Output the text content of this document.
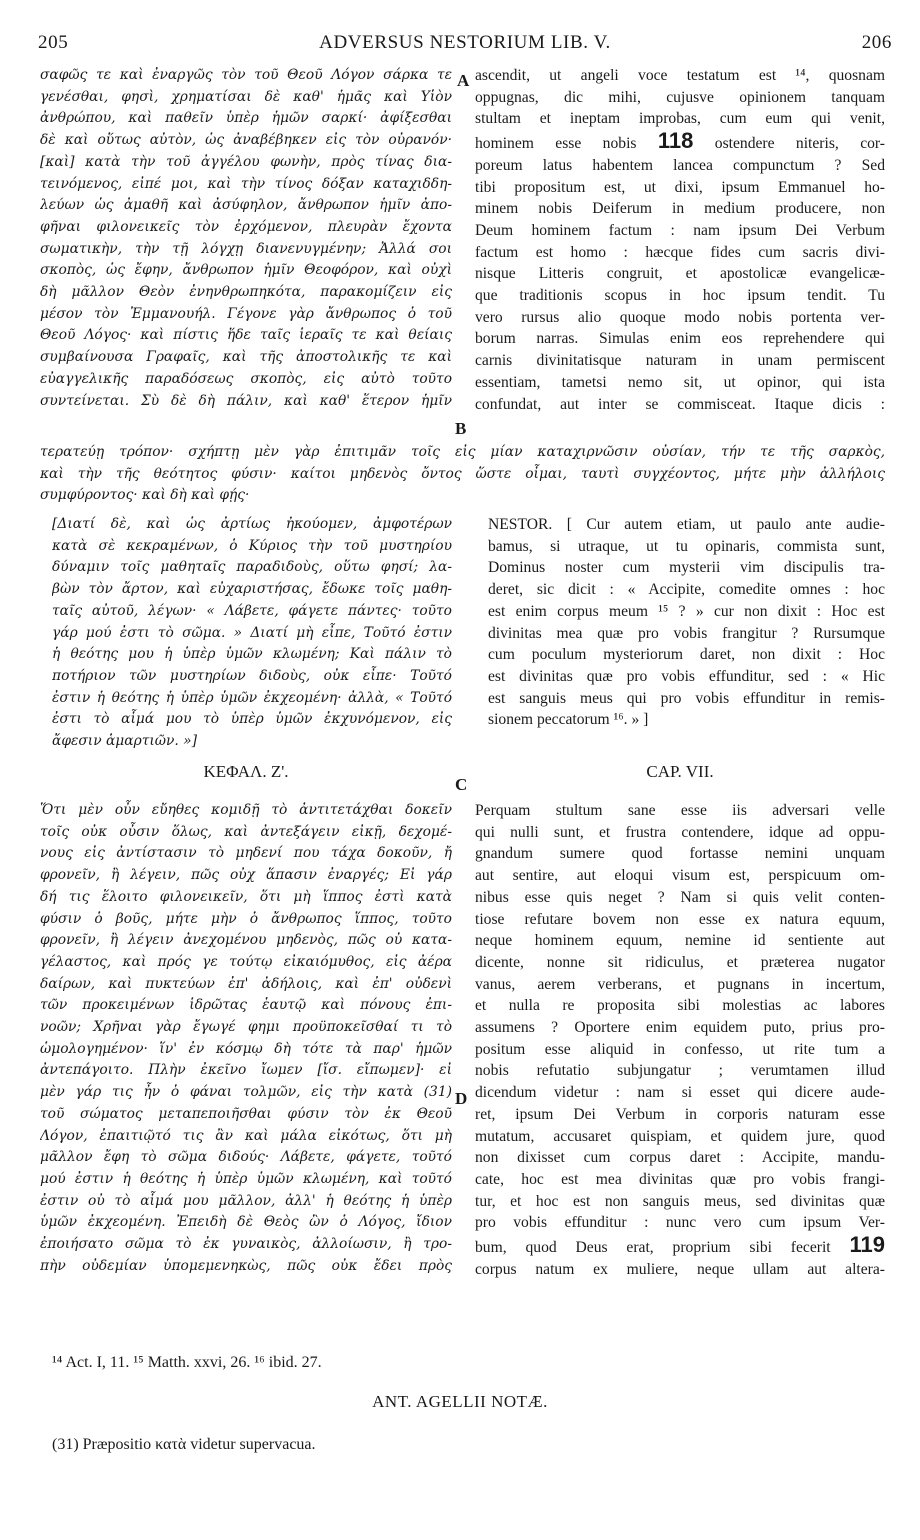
205	ADVERSUS NESTORIUM LIB. V.	206
A
B
C
D

σαφῶς τε καὶ ἐναργῶς τὸν τοῦ Θεοῦ Λόγον σάρκα τε

γενέσθαι, φησὶ, χρηματίσαι δὲ καθ' ἡμᾶς καὶ Υἱὸν

ἀνθρώπου, καὶ παθεῖν ὑπὲρ ἡμῶν σαρκί· ἀφίξεσθαι

δὲ καὶ οὕτως αὐτὸν, ὡς ἀναβέβηκεν εἰς τὸν οὐρανόν·

[καὶ] κατὰ τὴν τοῦ ἀγγέλου φωνὴν, πρὸς τίνας δια-

τεινόμενος, εἰπέ μοι, καὶ τὴν τίνος δόξαν καταχιδδη-

λεύων ὡς ἀμαθῆ καὶ ἀσύφηλον, ἄνθρωπον ἡμῖν ἀπο-

φῆναι φιλονεικεῖς τὸν ἐρχόμενον, πλευρὰν ἔχοντα

σωματικὴν, τὴν τῇ λόγχῃ διανενυγμένην; Ἀλλά σοι

σκοπὸς, ὡς ἔφην, ἄνθρωπον ἡμῖν Θεοφόρον, καὶ οὐχὶ

δὴ μᾶλλον Θεὸν ἐνηνθρωπηκότα, παρακομίζειν εἰς

μέσον τὸν Ἐμμανουήλ. Γέγονε γὰρ ἄνθρωπος ὁ τοῦ

Θεοῦ Λόγος· καὶ πίστις ἥδε ταῖς ἱεραῖς τε καὶ θείαις

συμβαίνουσα Γραφαῖς, καὶ τῆς ἀποστολικῆς τε καὶ

εὐαγγελικῆς παραδόσεως σκοπὸς, εἰς αὐτὸ τοῦτο

συντείνεται. Σὺ δὲ δὴ πάλιν, καὶ καθ' ἕτερον ἡμῖν

ascendit, ut angeli voce testatum est ¹⁴, quosnam

oppugnas, dic mihi, cujusve opinionem tanquam

stultam et ineptam improbas, cum eum qui venit,

hominem esse nobis 118 ostendere niteris, cor-

poreum latus habentem lancea compunctum ? Sed

tibi propositum est, ut dixi, ipsum Emmanuel ho-

minem nobis Deiferum in medium producere, non

Deum hominem factum : nam ipsum Dei Verbum

factum est homo : hæcque fides cum sacris divi-

nisque Litteris congruit, et apostolicæ evangelicæ-

que traditionis scopus in hoc ipsum tendit. Tu

vero rursus alio quoque modo nobis portenta ver-

borum narras. Simulas enim eos reprehendere qui

carnis divinitatisque naturam in unam permiscent

essentiam, tametsi nemo sit, ut opinor, qui ista

confundat, aut inter se commisceat. Itaque dicis :

τερατεύῃ τρόπον· σχήπτῃ μὲν γὰρ ἐπιτιμᾶν τοῖς εἰς μίαν καταχιρνῶσιν οὐσίαν, τήν τε τῆς σαρκὸς,

καὶ τὴν τῆς θεότητος φύσιν· καίτοι μηδενὸς ὄντος ὥστε οἶμαι, ταυτὶ συγχέοντος, μήτε μὴν ἀλλήλοις

συμφύροντος· καὶ δὴ καὶ φῄς·

[Διατί δὲ, καὶ ὡς ἀρτίως ἠκούομεν, ἀμφοτέρων

κατὰ σὲ κεκραμένων, ὁ Κύριος τὴν τοῦ μυστηρίου

δύναμιν τοῖς μαθηταῖς παραδιδοὺς, οὕτω φησί; λα-

βὼν τὸν ἄρτον, καὶ εὐχαριστήσας, ἔδωκε τοῖς μαθη-

ταῖς αὐτοῦ, λέγων· « Λάβετε, φάγετε πάντες· τοῦτο

γάρ μού ἐστι τὸ σῶμα. » Διατί μὴ εἶπε, Τοῦτό ἐστιν

ἡ θεότης μου ἡ ὑπὲρ ὑμῶν κλωμένη; Καὶ πάλιν τὸ

ποτήριον τῶν μυστηρίων διδοὺς, οὐκ εἶπε· Τοῦτό

ἐστιν ἡ θεότης ἡ ὑπὲρ ὑμῶν ἐκχεομένη· ἀλλὰ, « Τοῦτό

ἐστι τὸ αἷμά μου τὸ ὑπὲρ ὑμῶν ἐκχυνόμενον, εἰς

ἄφεσιν ἁμαρτιῶν. »]

NESTOR. [ Cur autem etiam, ut paulo ante audie-

bamus, si utraque, ut tu opinaris, commista sunt,

Dominus noster cum mysterii vim discipulis tra-

deret, sic dicit : « Accipite, comedite omnes : hoc

est enim corpus meum ¹⁵ ? » cur non dixit : Hoc est

divinitas mea quæ pro vobis frangitur ? Rursumque

cum poculum mysteriorum daret, non dixit : Hoc

est divinitas quæ pro vobis effunditur, sed : « Hic

est sanguis meus qui pro vobis effunditur in remis-

sionem peccatorum ¹⁶. » ]

ΚΕΦΑΛ. Ζ'.	CAP. VII.

Ὅτι μὲν οὖν εὔηθες κομιδῇ τὸ ἀντιτετάχθαι δοκεῖν

τοῖς οὐκ οὖσιν ὅλως, καὶ ἀντεξάγειν εἰκῇ, δεχομέ-

νους εἰς ἀντίστασιν τὸ μηδενί που τάχα δοκοῦν, ἤ

φρονεῖν, ἢ λέγειν, πῶς οὐχ ἅπασιν ἐναργές; Εἰ γάρ

δή τις ἕλοιτο φιλονεικεῖν, ὅτι μὴ ἵππος ἐστὶ κατὰ

φύσιν ὁ βοῦς, μήτε μὴν ὁ ἄνθρωπος ἵππος, τοῦτο

φρονεῖν, ἢ λέγειν ἀνεχομένου μηδενὸς, πῶς οὐ κατα-

γέλαστος, καὶ πρός γε τούτῳ εἰκαιόμυθος, εἰς ἀέρα

δαίρων, καὶ πυκτεύων ἐπ' ἀδήλοις, καὶ ἐπ' οὐδενὶ

τῶν προκειμένων ἱδρῶτας ἑαυτῷ καὶ πόνους ἐπι-

νοῶν; Χρῆναι γὰρ ἔγωγέ φημι προϋποκεῖσθαί τι τὸ

ὡμολογημένον· ἵν' ἐν κόσμῳ δὴ τότε τὰ παρ' ἡμῶν

ἀντεπάγοιτο. Πλὴν ἐκεῖνο ἴωμεν [ἴσ. εἴπωμεν]· εἰ

μὲν γάρ τις ἦν ὁ φάναι τολμῶν, εἰς τὴν κατὰ (31)

τοῦ σώματος μεταπεποιῆσθαι φύσιν τὸν ἐκ Θεοῦ

Λόγον, ἐπαιτιῷτό τις ἂν καὶ μάλα εἰκότως, ὅτι μὴ

μᾶλλον ἔφη τὸ σῶμα διδούς· Λάβετε, φάγετε, τοῦτό

μού ἐστιν ἡ θεότης ἡ ὑπὲρ ὑμῶν κλωμένη, καὶ τοῦτό

ἐστιν οὐ τὸ αἷμά μου μᾶλλον, ἀλλ' ἡ θεότης ἡ ὑπὲρ

ὑμῶν ἐκχεομένη. Ἐπειδὴ δὲ Θεὸς ὢν ὁ Λόγος, ἴδιον

ἐποιήσατο σῶμα τὸ ἐκ γυναικὸς, ἀλλοίωσιν, ἢ τρο-

πὴν οὐδεμίαν ὑπομεμενηκὼς, πῶς οὐκ ἔδει πρὸς

Perquam stultum sane esse iis adversari velle

qui nulli sunt, et frustra contendere, idque ad oppu-

gnandum sumere quod fortasse nemini unquam

aut sentire, aut eloqui visum est, perspicuum om-

nibus esse quis neget ? Nam si quis velit conten-

tiose refutare bovem non esse ex natura equum,

neque hominem equum, nemine id sentiente aut

dicente, nonne sit ridiculus, et præterea nugator

vanus, aerem verberans, et pugnans in incertum,

et nulla re proposita sibi molestias ac labores

assumens ? Oportere enim equidem puto, prius pro-

positum esse aliquid in confesso, ut rite tum a

nobis refutatio subjungatur ; verumtamen illud

dicendum videtur : nam si esset qui dicere aude-

ret, ipsum Dei Verbum in corporis naturam esse

mutatum, accusaret quispiam, et quidem jure, quod

non dixisset cum corpus daret : Accipite, mandu-

cate, hoc est mea divinitas quæ pro vobis frangi-

tur, et hoc est non sanguis meus, sed divinitas quæ

pro vobis effunditur : nunc vero cum ipsum Ver-

bum, quod Deus erat, proprium sibi fecerit 119

corpus natum ex muliere, neque ullam aut altera-

¹⁴ Act. I, 11. ¹⁵ Matth. xxvi, 26. ¹⁶ ibid. 27.
ANT. AGELLII NOTÆ.
(31) Præpositio κατὰ videtur supervacua.
